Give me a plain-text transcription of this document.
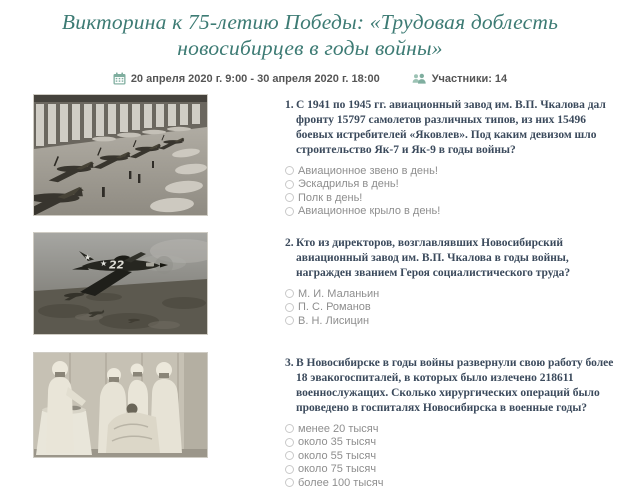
Викторина к 75-летию Победы: «Трудовая доблесть новосибирцев в годы войны»
20 апреля 2020 г. 9:00 - 30 апреля 2020 г. 18:00	Участники: 14
1. С 1941 по 1945 гг. авиационный завод им. В.П. Чкалова дал фронту 15797 самолетов различных типов, из них 15496 боевых истребителей «Яковлев». Под каким девизом шло строительство Як-7 и Як-9 в годы войны?
Авиационное звено в день!
Эскадрилья в день!
Полк в день!
Авиационное крыло в день!
★
★ 22
2. Кто из директоров, возглавлявших Новосибирский авиационный завод им. В.П. Чкалова в годы войны, награжден званием Героя социалистического труда?
М. И. Маланьин
П. С. Романов
В. Н. Лисицин
3. В Новосибирске в годы войны развернули свою работу более 18 эвакогоспиталей, в которых было излечено 218611 военнослужащих. Сколько хирургических операций было проведено в госпиталях Новосибирска в военные годы?
менее 20 тысяч
около 35 тысяч
около 55 тысяч
около 75 тысяч
более 100 тысяч
